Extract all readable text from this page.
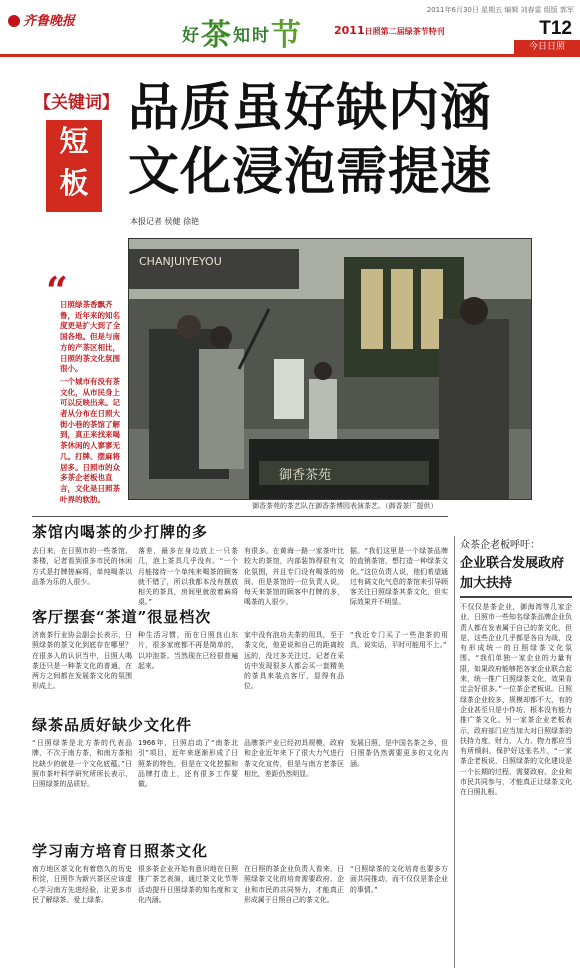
齐鲁晚报
2011年6月30日 星期五 编辑 刘春雷 组版 郭军
好茶知时节	2011日照第二届绿茶节特刊	T12
今日日照
【关键词】
短
板
品质虽好缺内涵
文化浸泡需提速
本报记者 侯健 徐艳
“

日照绿茶香飘齐鲁，近年来的知名度更是扩大到了全国各地。但是与南方的产茶区相比，日照的茶文化氛围很小。

一个城市有没有茶文化，从市民身上可以反映出来。记者从分布在日照大街小巷的茶馆了解到，真正来找来喝茶休闲的人寥寥无几。打牌、摆麻将居多。日照市的众多茶企老板也直言，文化是日照茶叶界的软肋。

CHANJUIYEYOU
御香茶苑
御香茶苑的茶艺队在御香茶博园表演茶艺。（御香茶厂提供）
茶馆内喝茶的少打牌的多
去日来，在日照市的一些茶馆、茶楼，记者看到很多市民的休闲方式是打牌搓麻将，单纯喝茶以品茶为乐的人很少。
落差，最多在身边放上一只茶几，泡上茶具几乎没有。“一个月能接待一个单纯来喝茶的顾客就不错了，所以我都本没有摆放相关的茶具，房间里就放着麻将桌。”
有很多。在黄海一路一家茶叶比较大的茶馆，内部装饰得很有文化氛围，并且专门设有喝茶的房间，但是茶馆的一位负责人说，每天来茶馆的顾客中打牌的多，喝茶的人很少。
据。“我们这里是一个绿茶品牌的直销茶馆，想打造一种绿茶文化。”这位负责人说，他们希望通过有调文化气息的茶馆来引导顾客关注日照绿茶其茶文化，但实际效果并不明显。
客厅摆套“茶道”很显档次
济南茶行业协会副会长表示，日照绿茶的茶文化到底存在哪里？在很多人的认识当中，日照人喝茶还只是一种茶文化的普通，在两方之间都在发展茶文化的氛围形成上。
种生活习惯，而在日照良山东片，很多家庭都不再是简单的，以冲泡茶。当然现在已经很普遍起来。
家中没有泡功夫茶的用具，至于茶文化，他更说和自己的距离较远的，没过多关注过。记者在采访中发现很多人都会买一套精美的茶具来装点客厅，显得有品位。
“我近专门买了一些泡茶的用具，说实话，平时可能用不上。”
绿茶品质好缺少文化件
“日照绿茶是北方茶的代表品牌，不次于南方茶，和南方茶相比缺少的就是一个文化底蕴。”日照市茶叶科学研究所所长表示，日照绿茶的品质好。
1966年，日照启动了“南茶北引”项目，近年来逐渐形成了日照茶的特色，但是在文化挖掘和品牌打造上，还有很多工作要做。
品牌茶产业已经初具规模，政府和企业近年来下了很大力气进行茶文化宣传，但是与南方老茶区相比，差距仍然明显。
发展日照，是中国名茶之乡，但日照茶仍然需要更多的文化内涵。
学习南方培育日照茶文化
南方地区茶文化有着悠久的历史积淀，日照作为新兴茶区应该虚心学习南方先进经验，让更多市民了解绿茶、爱上绿茶。
很多茶企业开始有意识地在日照推广茶艺表演，通过茶文化节等活动提升日照绿茶的知名度和文化内涵。
在日照的茶企业负责人看来，日照绿茶文化的培育需要政府、企业和市民的共同努力，才能真正形成属于日照自己的茶文化。
“日照绿茶的文化培育也要多方面共同推动，而不仅仅是茶企业的事情。”
众茶企老板呼吁：
企业联合发展政府加大扶持
不仅仅是茶企业，御海湾等几家企业，日照市一些知名绿茶品牌企业负责人都在发表属于自己的茶文化，但是，这些企业几乎都是各自为战，没有形成统一的日照绿茶文化氛围。“我们单独一家企业的力量有限，如果政府能够把各家企业联合起来，统一推广日照绿茶文化，效果肯定会好很多。”一位茶企老板说。日照绿茶企业较多，规模却都不大，有的企业甚至只是小作坊，根本没有能力推广茶文化。另一家茶企业老板表示，政府部门应当加大对日照绿茶的扶持力度，财力、人力、物力都应当有所倾斜，保护好这张名片，“一家茶企老板说，日照绿茶的文化建设是一个长期的过程，需要政府、企业和市民共同参与，才能真正让绿茶文化在日照扎根。
